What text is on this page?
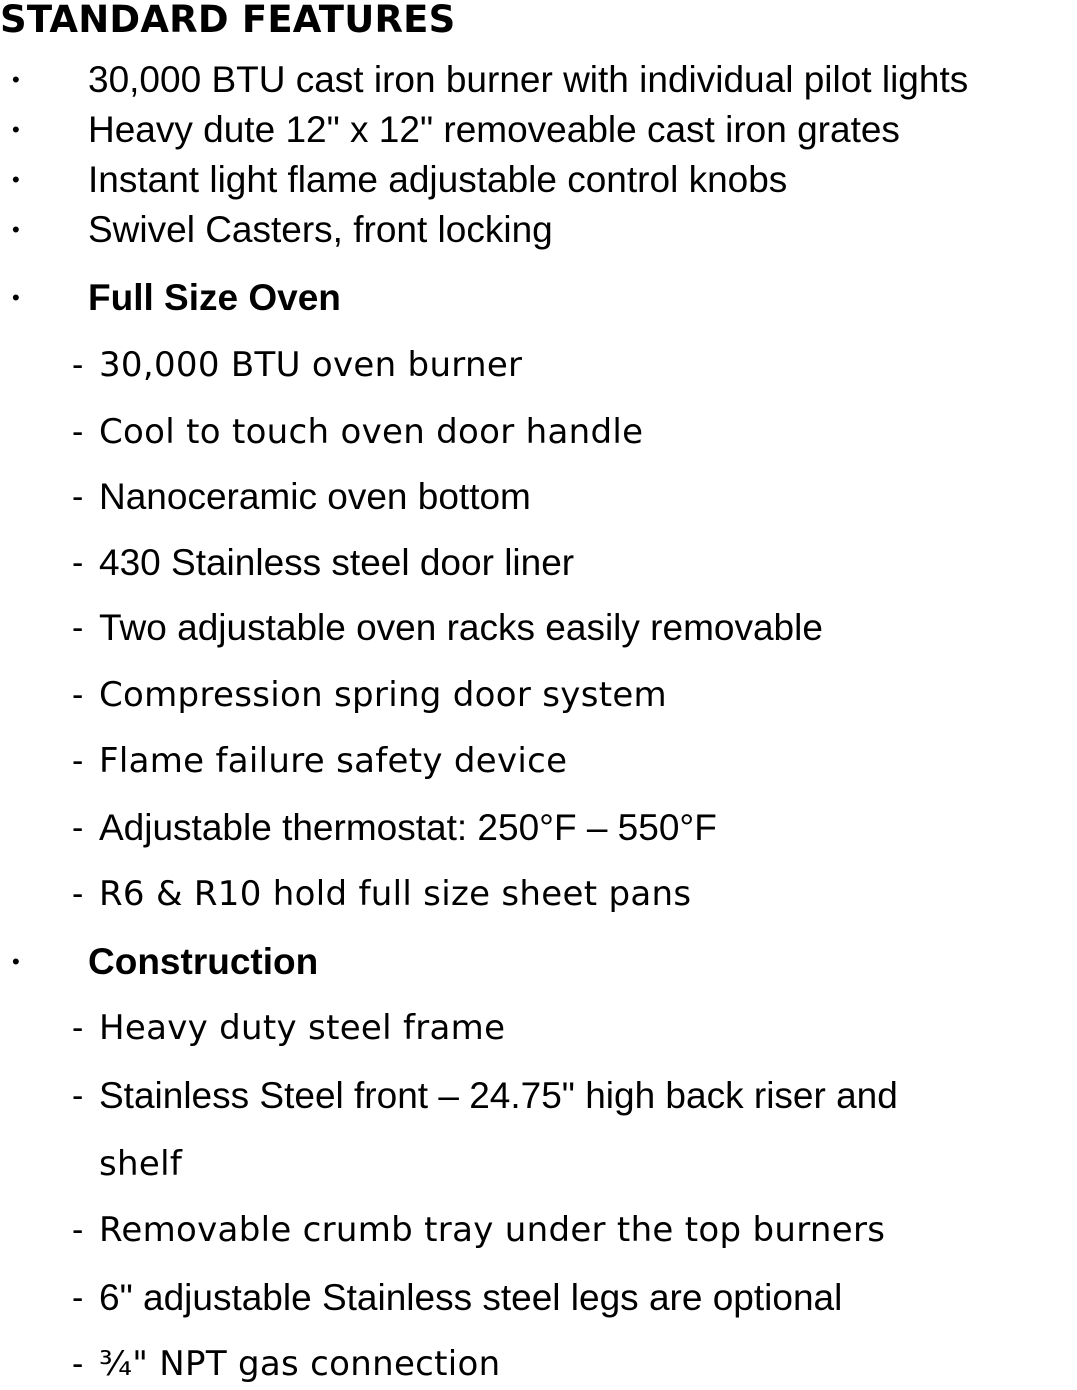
STANDARD FEATURES
• 30,000 BTU cast iron burner with individual pilot lights
• Heavy dute 12" x 12" removeable cast iron grates
• Instant light flame adjustable control knobs
• Swivel Casters, front locking
• Full Size Oven
- 30,000 BTU oven burner
- Cool to touch oven door handle
- Nanoceramic oven bottom
- 430 Stainless steel door liner
- Two adjustable oven racks easily removable
- Compression spring door system
- Flame failure safety device
- Adjustable thermostat: 250°F – 550°F
- R6 & R10 hold full size sheet pans
• Construction
- Heavy duty steel frame
- Stainless Steel front – 24.75" high back riser and
shelf
- Removable crumb tray under the top burners
- 6" adjustable Stainless steel legs are optional
- ¾" NPT gas connection
